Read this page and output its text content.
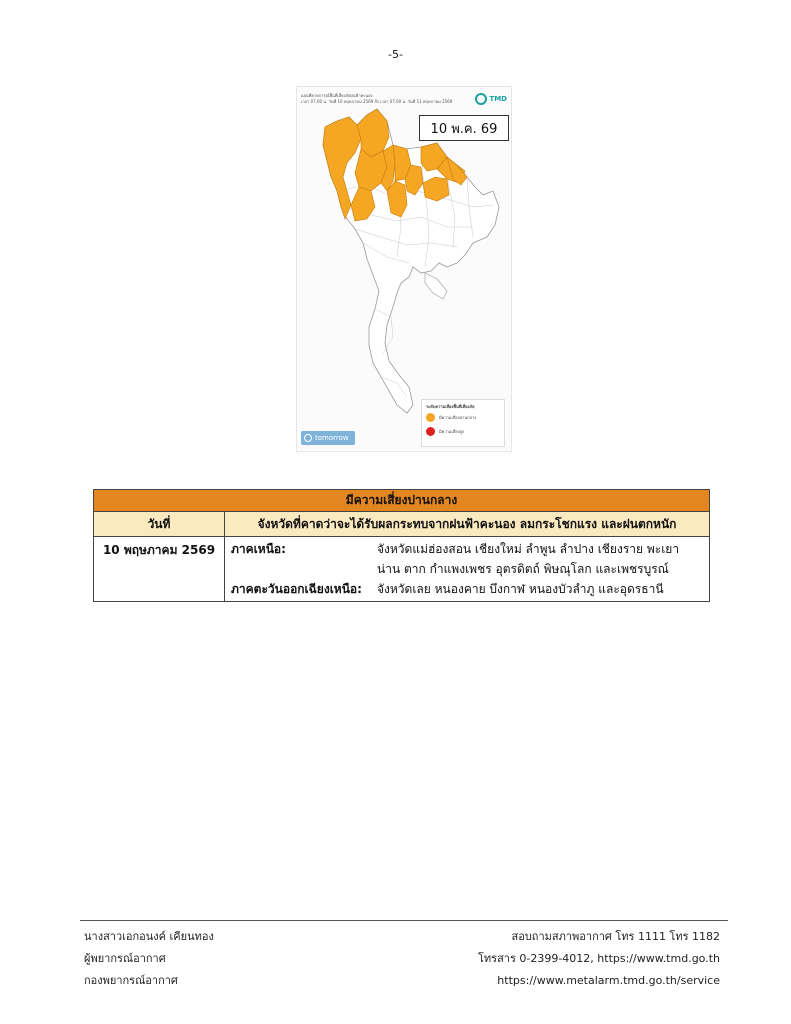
-5-
แผนที่คาดการณ์พื้นที่เสี่ยงภัยฝนฟ้าคะนอง
เวลา 07.00 น. วันที่ 10 พฤษภาคม 2569 ถึง เวลา 07.00 น. วันที่ 11 พฤษภาคม 2569	TMD
10 พ.ค. 69
ระดับความเสี่ยงพื้นที่เสี่ยงภัย
มีความเสี่ยงปานกลาง
มีความเสี่ยงสูง
tomorrow
มีความเสี่ยงปานกลาง	
วันที่	จังหวัดที่คาดว่าจะได้รับผลกระทบจากฝนฟ้าคะนอง ลมกระโชกแรง และฝนตกหนัก
10 พฤษภาคม 2569	ภาคเหนือ: จังหวัดแม่ฮ่องสอน เชียงใหม่ ลำพูน ลำปาง เชียงราย พะเยา
น่าน ตาก กำแพงเพชร อุตรดิตถ์ พิษณุโลก และเพชรบูรณ์
ภาคตะวันออกเฉียงเหนือ: จังหวัดเลย หนองคาย บึงกาฬ หนองบัวลำภู และอุดรธานี
นางสาวเอกอนงค์ เคียนทอง
ผู้พยากรณ์อากาศ
กองพยากรณ์อากาศ
สอบถามสภาพอากาศ โทร 1111 โทร 1182
โทรสาร 0-2399-4012, https://www.tmd.go.th
https://www.metalarm.tmd.go.th/service
